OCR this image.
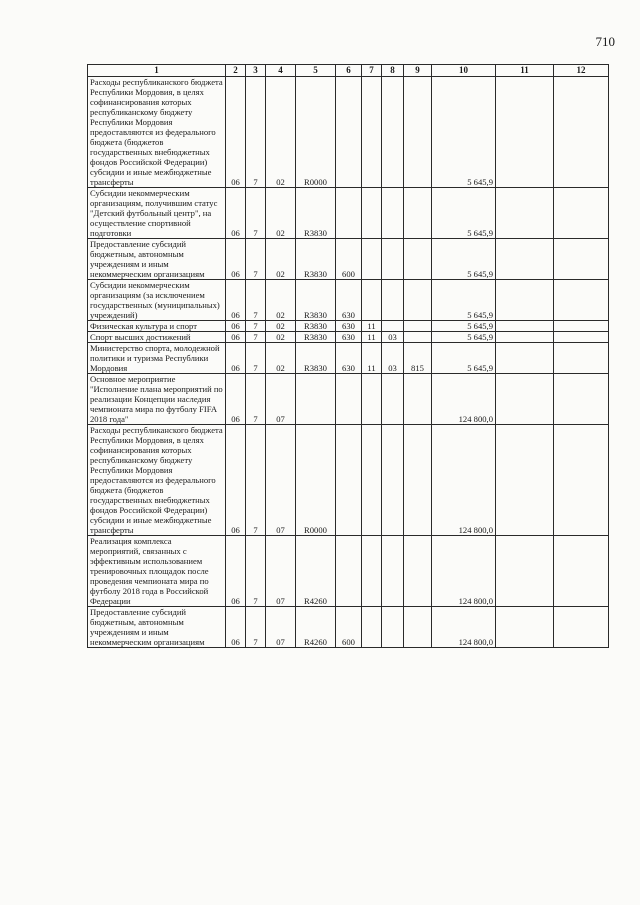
710
1	2	3	4	5	6	7	8	9	10	11	12
Расходы республиканского бюджета Республики Мордовия, в целях софинансирования которых республиканскому бюджету Республики Мордовия предоставляются из федерального бюджета (бюджетов государственных внебюджетных фондов Российской Федерации) субсидии и иные межбюджетные трансферты	06	7	02	R0000					5 645,9		
Субсидии некоммерческим организациям, получившим статус "Детский футбольный центр", на осуществление спортивной подготовки	06	7	02	R3830					5 645,9		
Предоставление субсидий бюджетным, автономным учреждениям и иным некоммерческим организациям	06	7	02	R3830	600				5 645,9		
Субсидии некоммерческим организациям (за исключением государственных (муниципальных) учреждений)	06	7	02	R3830	630				5 645,9		
Физическая культура и спорт	06	7	02	R3830	630	11			5 645,9		
Спорт высших достижений	06	7	02	R3830	630	11	03		5 645,9		
Министерство спорта, молодежной политики и туризма Республики Мордовия	06	7	02	R3830	630	11	03	815	5 645,9		
Основное мероприятие "Исполнение плана мероприятий по реализации Концепции наследия чемпионата мира по футболу FIFA 2018 года"	06	7	07						124 800,0		
Расходы республиканского бюджета Республики Мордовия, в целях софинансирования которых республиканскому бюджету Республики Мордовия предоставляются из федерального бюджета (бюджетов государственных внебюджетных фондов Российской Федерации) субсидии и иные межбюджетные трансферты	06	7	07	R0000					124 800,0		
Реализация комплекса мероприятий, связанных с эффективным использованием тренировочных площадок после проведения чемпионата мира по футболу 2018 года в Российской Федерации	06	7	07	R4260					124 800,0		
Предоставление субсидий бюджетным, автономным учреждениям и иным некоммерческим организациям	06	7	07	R4260	600				124 800,0		
